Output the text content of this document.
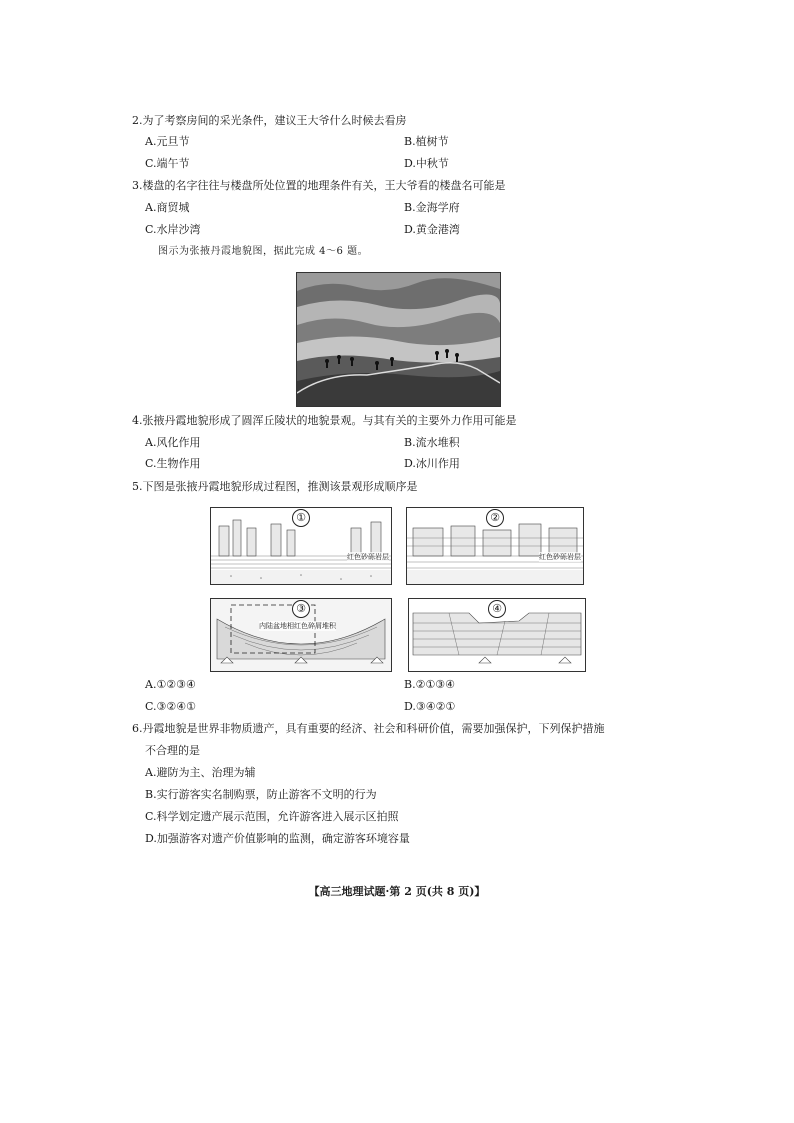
2.为了考察房间的采光条件，建议王大爷什么时候去看房
A.元旦节	B.植树节
C.端午节	D.中秋节
3.楼盘的名字往往与楼盘所处位置的地理条件有关，王大爷看的楼盘名可能是
A.商贸城	B.金海学府
C.水岸沙湾	D.黄金港湾
图示为张掖丹霞地貌图，据此完成 4～6 题。
4.张掖丹霞地貌形成了圆浑丘陵状的地貌景观。与其有关的主要外力作用可能是
A.风化作用	B.流水堆积
C.生物作用	D.冰川作用
5.下图是张掖丹霞地貌形成过程图，推测该景观形成顺序是
①
红色砂砾岩层
②
红色砂砾岩层
③
内陆盆地相红色碎屑堆积
④
A.①②③④	B.②①③④
C.③②④①	D.③④②①
6.丹霞地貌是世界非物质遗产，具有重要的经济、社会和科研价值，需要加强保护，下列保护措施
不合理的是
A.避防为主、治理为辅
B.实行游客实名制购票，防止游客不文明的行为
C.科学划定遗产展示范围，允许游客进入展示区拍照
D.加强游客对遗产价值影响的监测，确定游客环境容量
【高三地理试题·第 2 页(共 8 页)】
